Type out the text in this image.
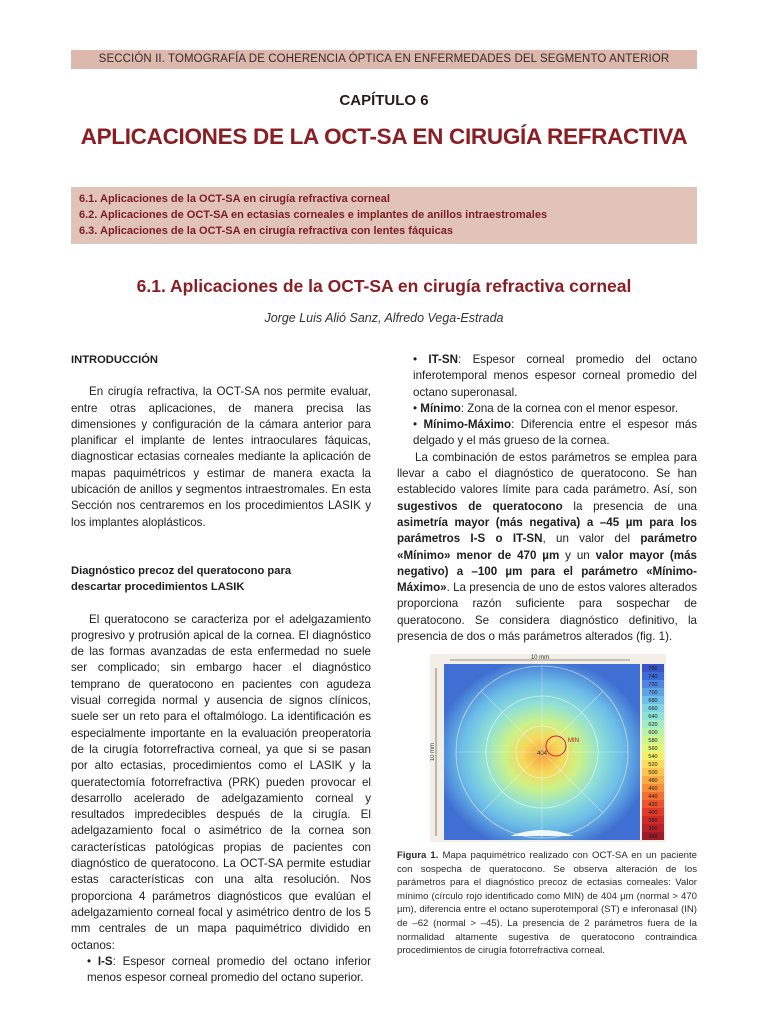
SECCIÓN II. TOMOGRAFÍA DE COHERENCIA ÓPTICA EN ENFERMEDADES DEL SEGMENTO ANTERIOR
CAPÍTULO 6
APLICACIONES DE LA OCT-SA EN CIRUGÍA REFRACTIVA
6.1. Aplicaciones de la OCT-SA en cirugía refractiva corneal
6.2. Aplicaciones de OCT-SA en ectasias corneales e implantes de anillos intraestromales
6.3. Aplicaciones de la OCT-SA en cirugía refractiva con lentes fáquicas
6.1. Aplicaciones de la OCT-SA en cirugía refractiva corneal
Jorge Luis Alió Sanz, Alfredo Vega-Estrada
INTRODUCCIÓN
En cirugía refractiva, la OCT-SA nos permite evaluar, entre otras aplicaciones, de manera precisa las dimensiones y configuración de la cámara anterior para planificar el implante de lentes intraoculares fáquicas, diagnosticar ectasias corneales mediante la aplicación de mapas paquimétricos y estimar de manera exacta la ubicación de anillos y segmentos intraestromales. En esta Sección nos centraremos en los procedimientos LASIK y los implantes aloplásticos.
Diagnóstico precoz del queratocono para
descartar procedimientos LASIK
El queratocono se caracteriza por el adelgazamiento progresivo y protrusión apical de la cornea. El diagnóstico de las formas avanzadas de esta enfermedad no suele ser complicado; sin embargo hacer el diagnóstico temprano de queratocono en pacientes con agudeza visual corregida normal y ausencia de signos clínicos, suele ser un reto para el oftalmólogo. La identificación es especialmente importante en la evaluación preoperatoria de la cirugía fotorrefractiva corneal, ya que si se pasan por alto ectasias, procedimientos como el LASIK y la queratectomía fotorrefractiva (PRK) pueden provocar el desarrollo acelerado de adelgazamiento corneal y resultados impredecibles después de la cirugía. El adelgazamiento focal o asimétrico de la cornea son características patológicas propias de pacientes con diagnóstico de queratocono. La OCT-SA permite estudiar estas características con una alta resolución. Nos proporciona 4 parámetros diagnósticos que evalúan el adelgazamiento corneal focal y asimétrico dentro de los 5 mm centrales de un mapa paquimétrico dividido en octanos:
• I-S: Espesor corneal promedio del octano inferior menos espesor corneal promedio del octano superior.
• IT-SN: Espesor corneal promedio del octano inferotemporal menos espesor corneal promedio del octano superonasal.
• Mínimo: Zona de la cornea con el menor espesor.
• Mínimo-Máximo: Diferencia entre el espesor más delgado y el más grueso de la cornea.
La combinación de estos parámetros se emplea para llevar a cabo el diagnóstico de queratocono. Se han establecido valores límite para cada parámetro. Así, son sugestivos de queratocono la presencia de una asimetría mayor (más negativa) a –45 µm para los parámetros I-S o IT-SN, un valor del parámetro «Mínimo» menor de 470 µm y un valor mayor (más negativo) a –100 µm para el parámetro «Mínimo-Máximo». La presencia de uno de estos valores alterados proporciona razón suficiente para sospechar de queratocono. Se considera diagnóstico definitivo, la presencia de dos o más parámetros alterados (fig. 1).
10 mm
10 mm
MIN
404
760
740
720
700
680
660
640
620
600
580
560
540
520
500
480
460
440
420
400
380
360
340
Figura 1. Mapa paquimétrico realizado con OCT-SA en un paciente con sospecha de queratocono. Se observa alteración de los parámetros para el diagnóstico precoz de ectasias corneales: Valor mínimo (círculo rojo identificado como MIN) de 404 µm (normal > 470 µm), diferencia entre el octano superotemporal (ST) e inferonasal (IN) de –62 (normal > –45). La presencia de 2 parámetros fuera de la normalidad altamente sugestiva de queratocono contraindica procedimientos de cirugía fotorrefractiva corneal.
